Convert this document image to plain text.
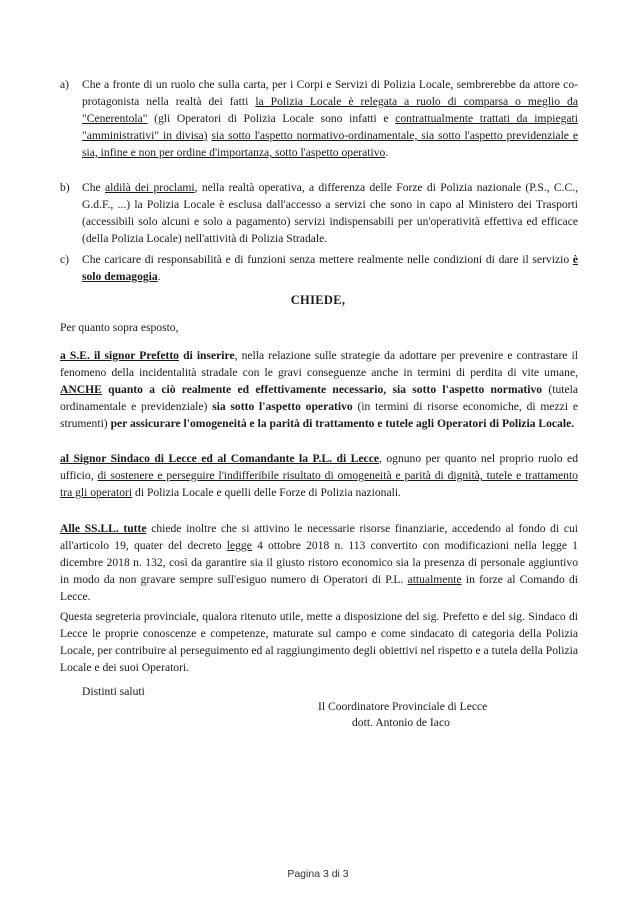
a) Che a fronte di un ruolo che sulla carta, per i Corpi e Servizi di Polizia Locale, sembrerebbe da attore co-protagonista nella realtà dei fatti la Polizia Locale è relegata a ruolo di comparsa o meglio da "Cenerentola" (gli Operatori di Polizia Locale sono infatti e contrattualmente trattati da impiegati "amministrativi" in divisa) sia sotto l'aspetto normativo-ordinamentale, sia sotto l'aspetto previdenziale e sia, infine e non per ordine d'importanza, sotto l'aspetto operativo.
b) Che aldilà dei proclami, nella realtà operativa, a differenza delle Forze di Polizia nazionale (P.S., C.C., G.d.F., ...) la Polizia Locale è esclusa dall'accesso a servizi che sono in capo al Ministero dei Trasporti (accessibili solo alcuni e solo a pagamento) servizi indispensabili per un'operatività effettiva ed efficace (della Polizia Locale) nell'attività di Polizia Stradale.
c) Che caricare di responsabilità e di funzioni senza mettere realmente nelle condizioni di dare il servizio è solo demagogia.
CHIEDE,
Per quanto sopra esposto,
a S.E. il signor Prefetto di inserire, nella relazione sulle strategie da adottare per prevenire e contrastare il fenomeno della incidentalità stradale con le gravi conseguenze anche in termini di perdita di vite umane, ANCHE quanto a ciò realmente ed effettivamente necessario, sia sotto l'aspetto normativo (tutela ordinamentale e previdenziale) sia sotto l'aspetto operativo (in termini di risorse economiche, di mezzi e strumenti) per assicurare l'omogeneità e la parità di trattamento e tutele agli Operatori di Polizia Locale.
al Signor Sindaco di Lecce ed al Comandante la P.L. di Lecce, ognuno per quanto nel proprio ruolo ed ufficio, di sostenere e perseguire l'indifferibile risultato di omogeneità e parità di dignità, tutele e trattamento tra gli operatori di Polizia Locale e quelli delle Forze di Polizia nazionali.
Alle SS.LL. tutte chiede inoltre che si attivino le necessarie risorse finanziarie, accedendo al fondo di cui all'articolo 19, quater del decreto legge 4 ottobre 2018 n. 113 convertito con modificazioni nella legge 1 dicembre 2018 n. 132, così da garantire sia il giusto ristoro economico sia la presenza di personale aggiuntivo in modo da non gravare sempre sull'esiguo numero di Operatori di P.L. attualmente in forze al Comando di Lecce.
Questa segreteria provinciale, qualora ritenuto utile, mette a disposizione del sig. Prefetto e del sig. Sindaco di Lecce le proprie conoscenze e competenze, maturate sul campo e come sindacato di categoria della Polizia Locale, per contribuire al perseguimento ed al raggiungimento degli obiettivi nel rispetto e a tutela della Polizia Locale e dei suoi Operatori.
Distinti saluti
Il Coordinatore Provinciale di Lecce
dott. Antonio de Iaco
Pagina 3 di 3
